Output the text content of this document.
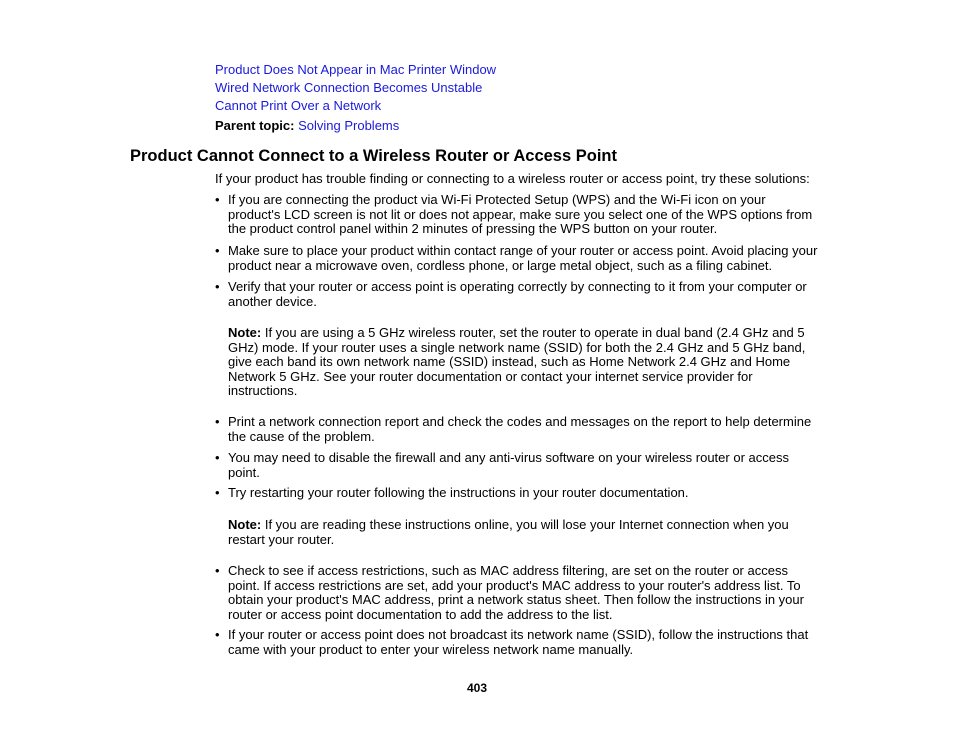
Product Does Not Appear in Mac Printer Window
Wired Network Connection Becomes Unstable
Cannot Print Over a Network
Parent topic: Solving Problems
Product Cannot Connect to a Wireless Router or Access Point

If your product has trouble finding or connecting to a wireless router or access point, try these solutions:

• If you are connecting the product via Wi-Fi Protected Setup (WPS) and the Wi-Fi icon on your product's LCD screen is not lit or does not appear, make sure you select one of the WPS options from the product control panel within 2 minutes of pressing the WPS button on your router.
• Make sure to place your product within contact range of your router or access point. Avoid placing your product near a microwave oven, cordless phone, or large metal object, such as a filing cabinet.
• Verify that your router or access point is operating correctly by connecting to it from your computer or another device.
Note: If you are using a 5 GHz wireless router, set the router to operate in dual band (2.4 GHz and 5 GHz) mode. If your router uses a single network name (SSID) for both the 2.4 GHz and 5 GHz band, give each band its own network name (SSID) instead, such as Home Network 2.4 GHz and Home Network 5 GHz. See your router documentation or contact your internet service provider for instructions.
• Print a network connection report and check the codes and messages on the report to help determine the cause of the problem.
• You may need to disable the firewall and any anti-virus software on your wireless router or access point.
• Try restarting your router following the instructions in your router documentation.
Note: If you are reading these instructions online, you will lose your Internet connection when you restart your router.
• Check to see if access restrictions, such as MAC address filtering, are set on the router or access point. If access restrictions are set, add your product's MAC address to your router's address list. To obtain your product's MAC address, print a network status sheet. Then follow the instructions in your router or access point documentation to add the address to the list.
• If your router or access point does not broadcast its network name (SSID), follow the instructions that came with your product to enter your wireless network name manually.
403
